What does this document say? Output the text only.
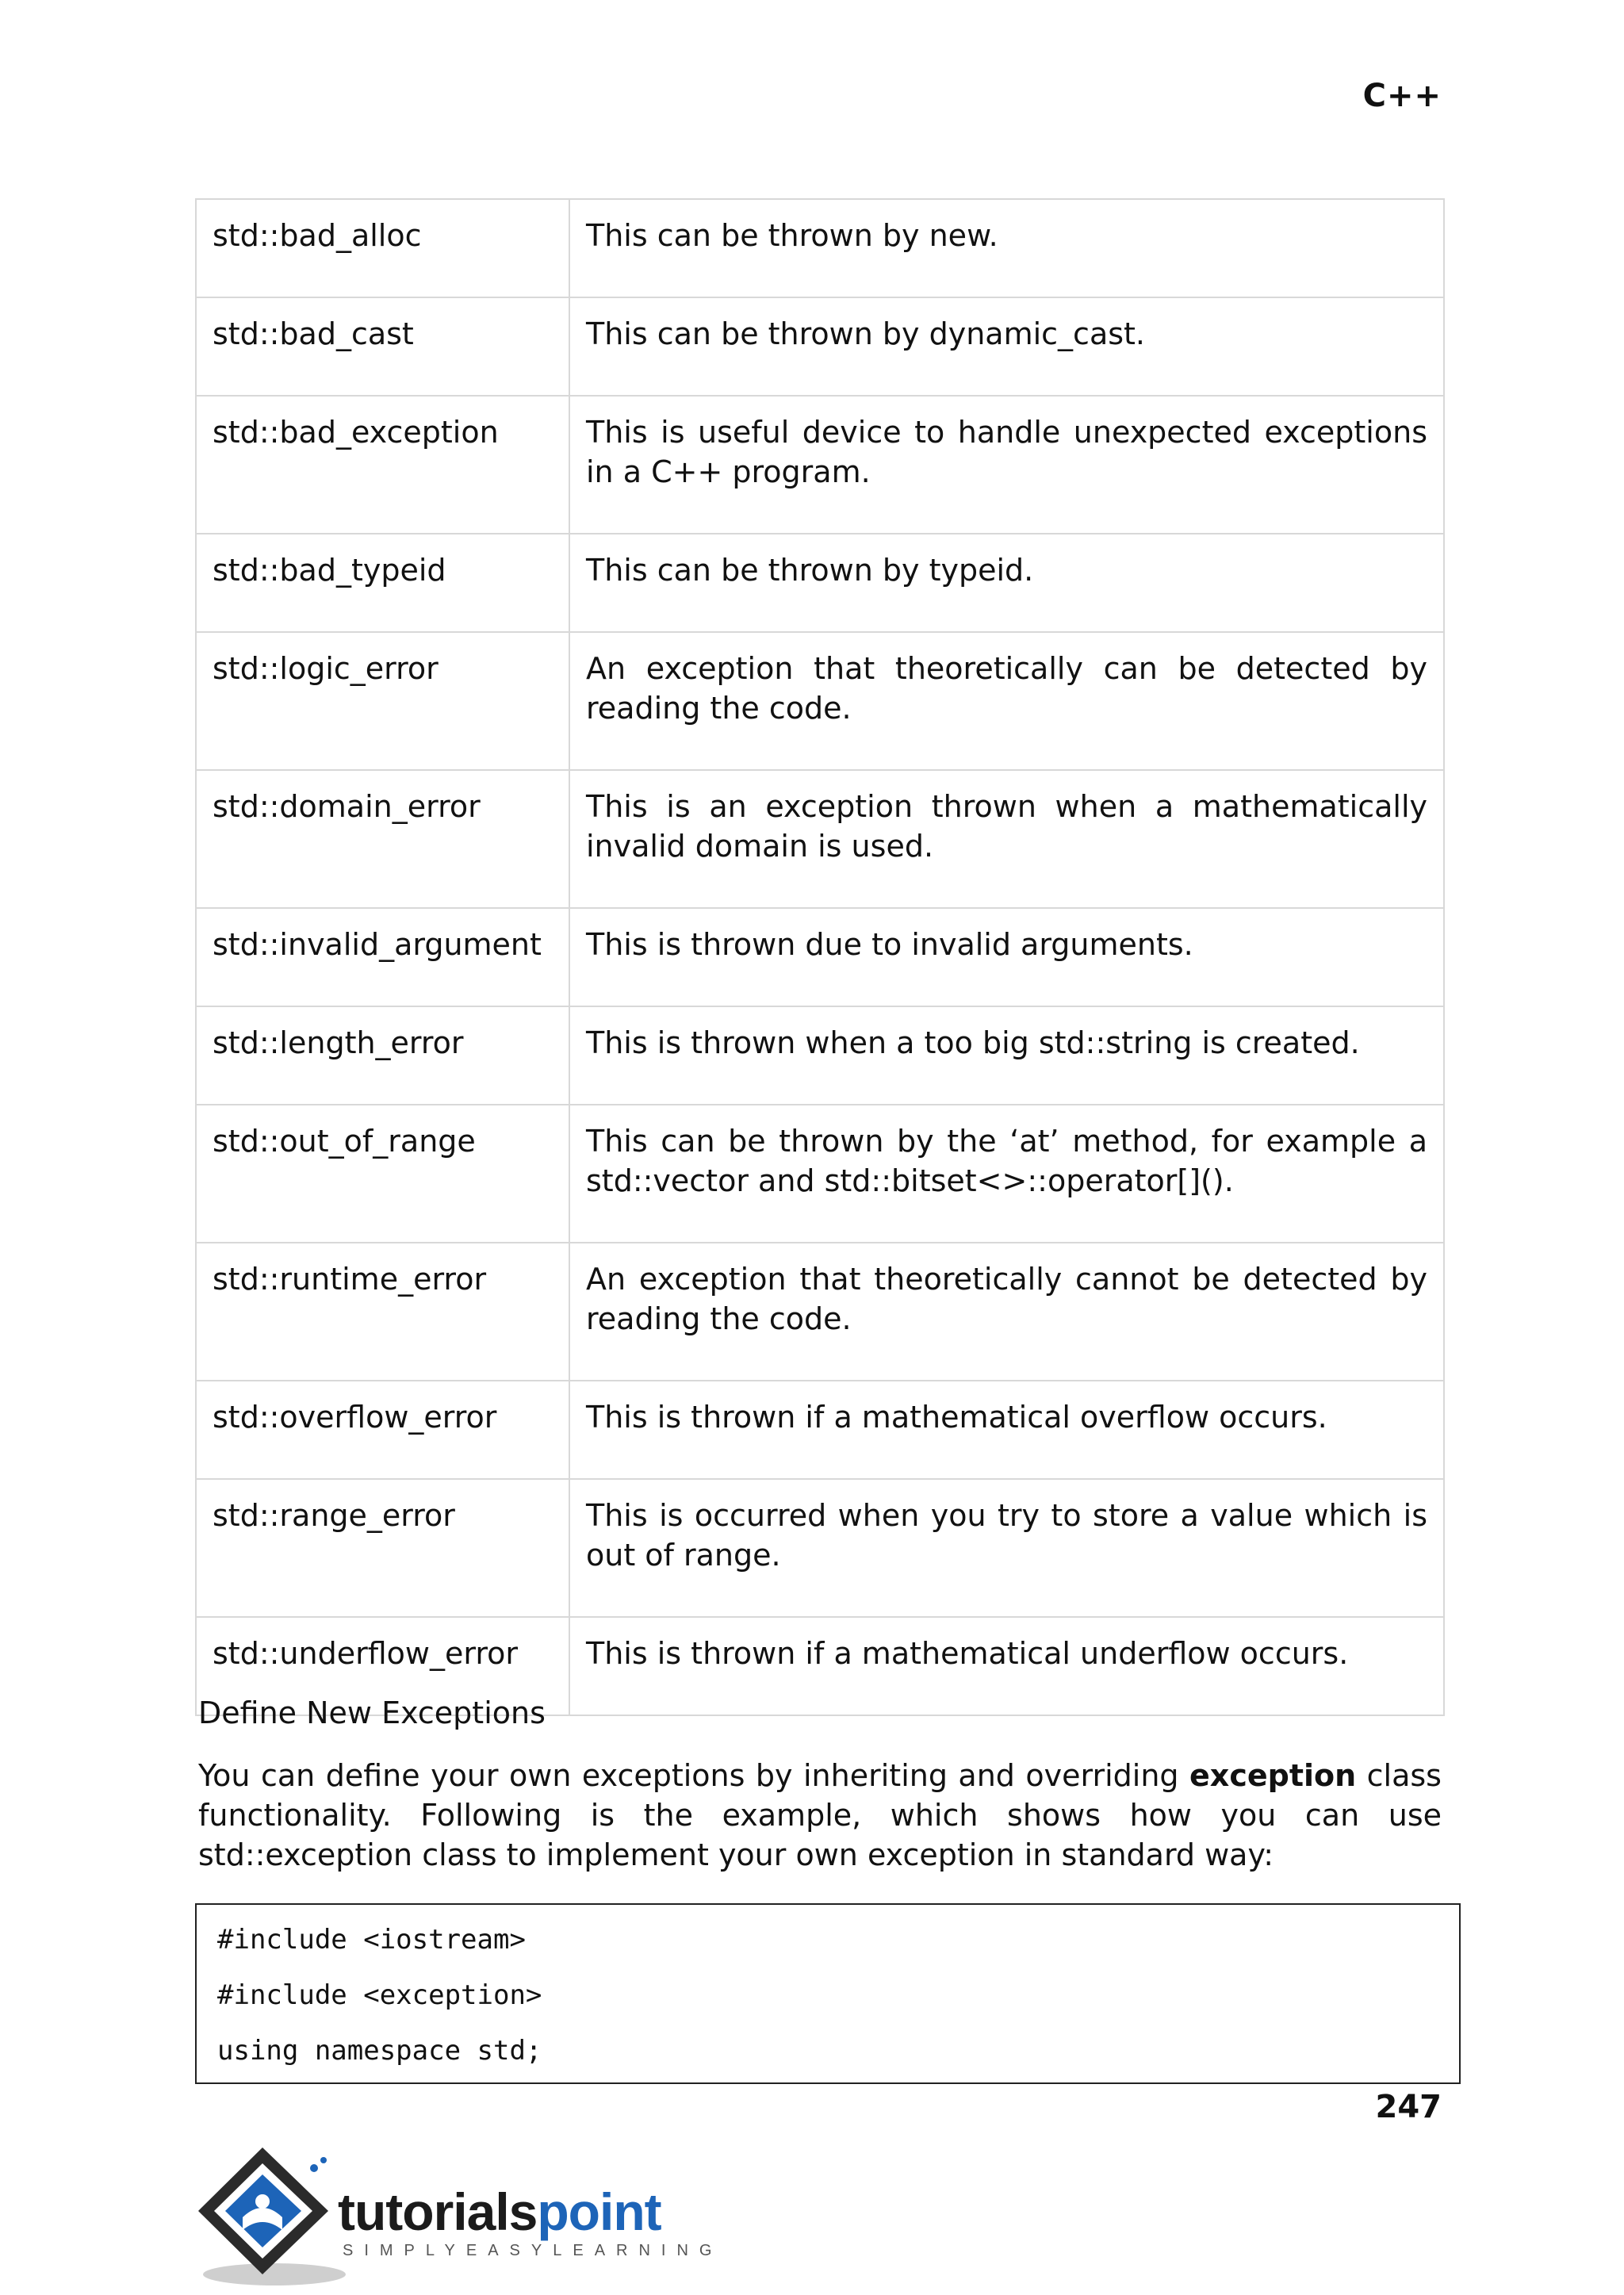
C++
std::bad_alloc	This can be thrown by new.
std::bad_cast	This can be thrown by dynamic_cast.
std::bad_exception	This is useful device to handle unexpected exceptions in a C++ program.
std::bad_typeid	This can be thrown by typeid.
std::logic_error	An exception that theoretically can be detected by reading the code.
std::domain_error	This is an exception thrown when a mathematically invalid domain is used.
std::invalid_argument	This is thrown due to invalid arguments.
std::length_error	This is thrown when a too big std::string is created.
std::out_of_range	This can be thrown by the ‘at’ method, for example a std::vector and std::bitset<>::operator[]().
std::runtime_error	An exception that theoretically cannot be detected by reading the code.
std::overflow_error	This is thrown if a mathematical overflow occurs.
std::range_error	This is occurred when you try to store a value which is out of range.
std::underflow_error	This is thrown if a mathematical underflow occurs.
Define New Exceptions
You can define your own exceptions by inheriting and overriding exception class functionality. Following is the example, which shows how you can use std::exception class to implement your own exception in standard way:
#include <iostream>
#include <exception>
using namespace std;
247
tutorialspoint
SIMPLYEASYLEARNING
